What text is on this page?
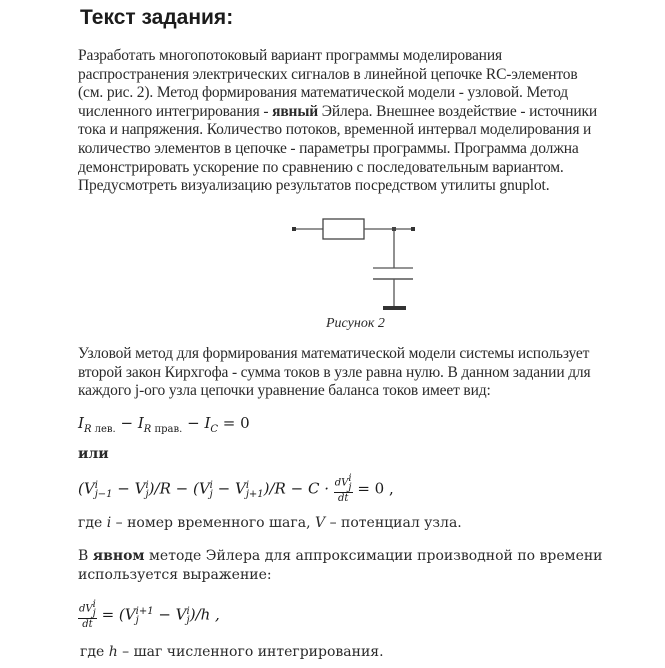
Текст задания:
Разработать многопотоковый вариант программы моделирования
распространения электрических сигналов в линейной цепочке RC-элементов
(см. рис. 2). Метод формирования математической модели - узловой. Метод
численного интегрирования - явный Эйлера. Внешнее воздействие - источники
тока и напряжения. Количество потоков, временной интервал моделирования и
количество элементов в цепочке - параметры программы. Программа должна
демонстрировать ускорение по сравнению с последовательным вариантом.
Предусмотреть визуализацию результатов посредством утилиты gnuplot.
Рисунок 2
Узловой метод для формирования математической модели системы использует
второй закон Кирхгофа - сумма токов в узле равна нулю. В данном задании для
каждого j-ого узла цепочки уравнение баланса токов имеет вид:
$I_{R лев.} - I_{R прав.} - I_C = 0$
или
(Vi
j−1 − Vi
j)/R − (Vi
j − Vi
j+1)/R − C · dVi
j
dt
= 0 ,
где i – номер временного шага, V – потенциал узла.
В явном методе Эйлера для аппроксимации производной по времени
используется выражение:
dVi
j
dt
= (Vi+1
j − Vi
j)/h ,
где h – шаг численного интегрирования.
